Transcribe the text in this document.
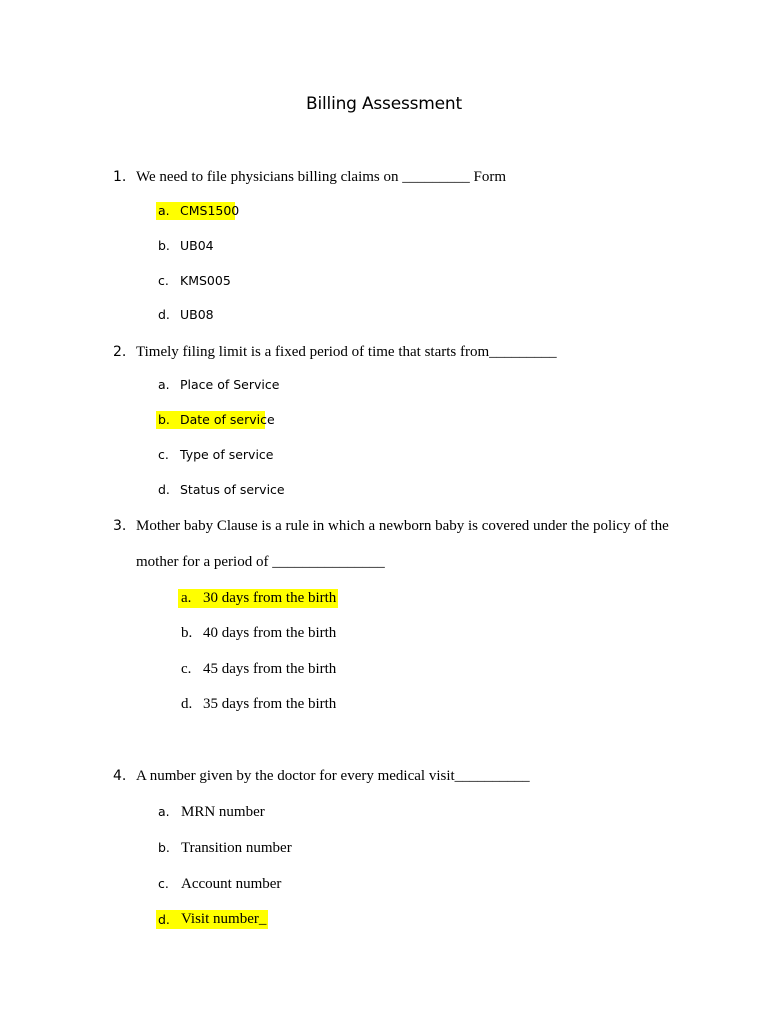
Billing Assessment
1. We need to file physicians billing claims on _________ Form
a. CMS1500
b. UB04
c. KMS005
d. UB08
2. Timely filing limit is a fixed period of time that starts from_________
a. Place of Service
b. Date of service
c. Type of service
d. Status of service
3. Mother baby Clause is a rule in which a newborn baby is covered under the policy of the
mother for a period of _______________
a. 30 days from the birth
b. 40 days from the birth
c. 45 days from the birth
d. 35 days from the birth
4. A number given by the doctor for every medical visit__________
a. MRN number
b. Transition number
c. Account number
d. Visit number_
